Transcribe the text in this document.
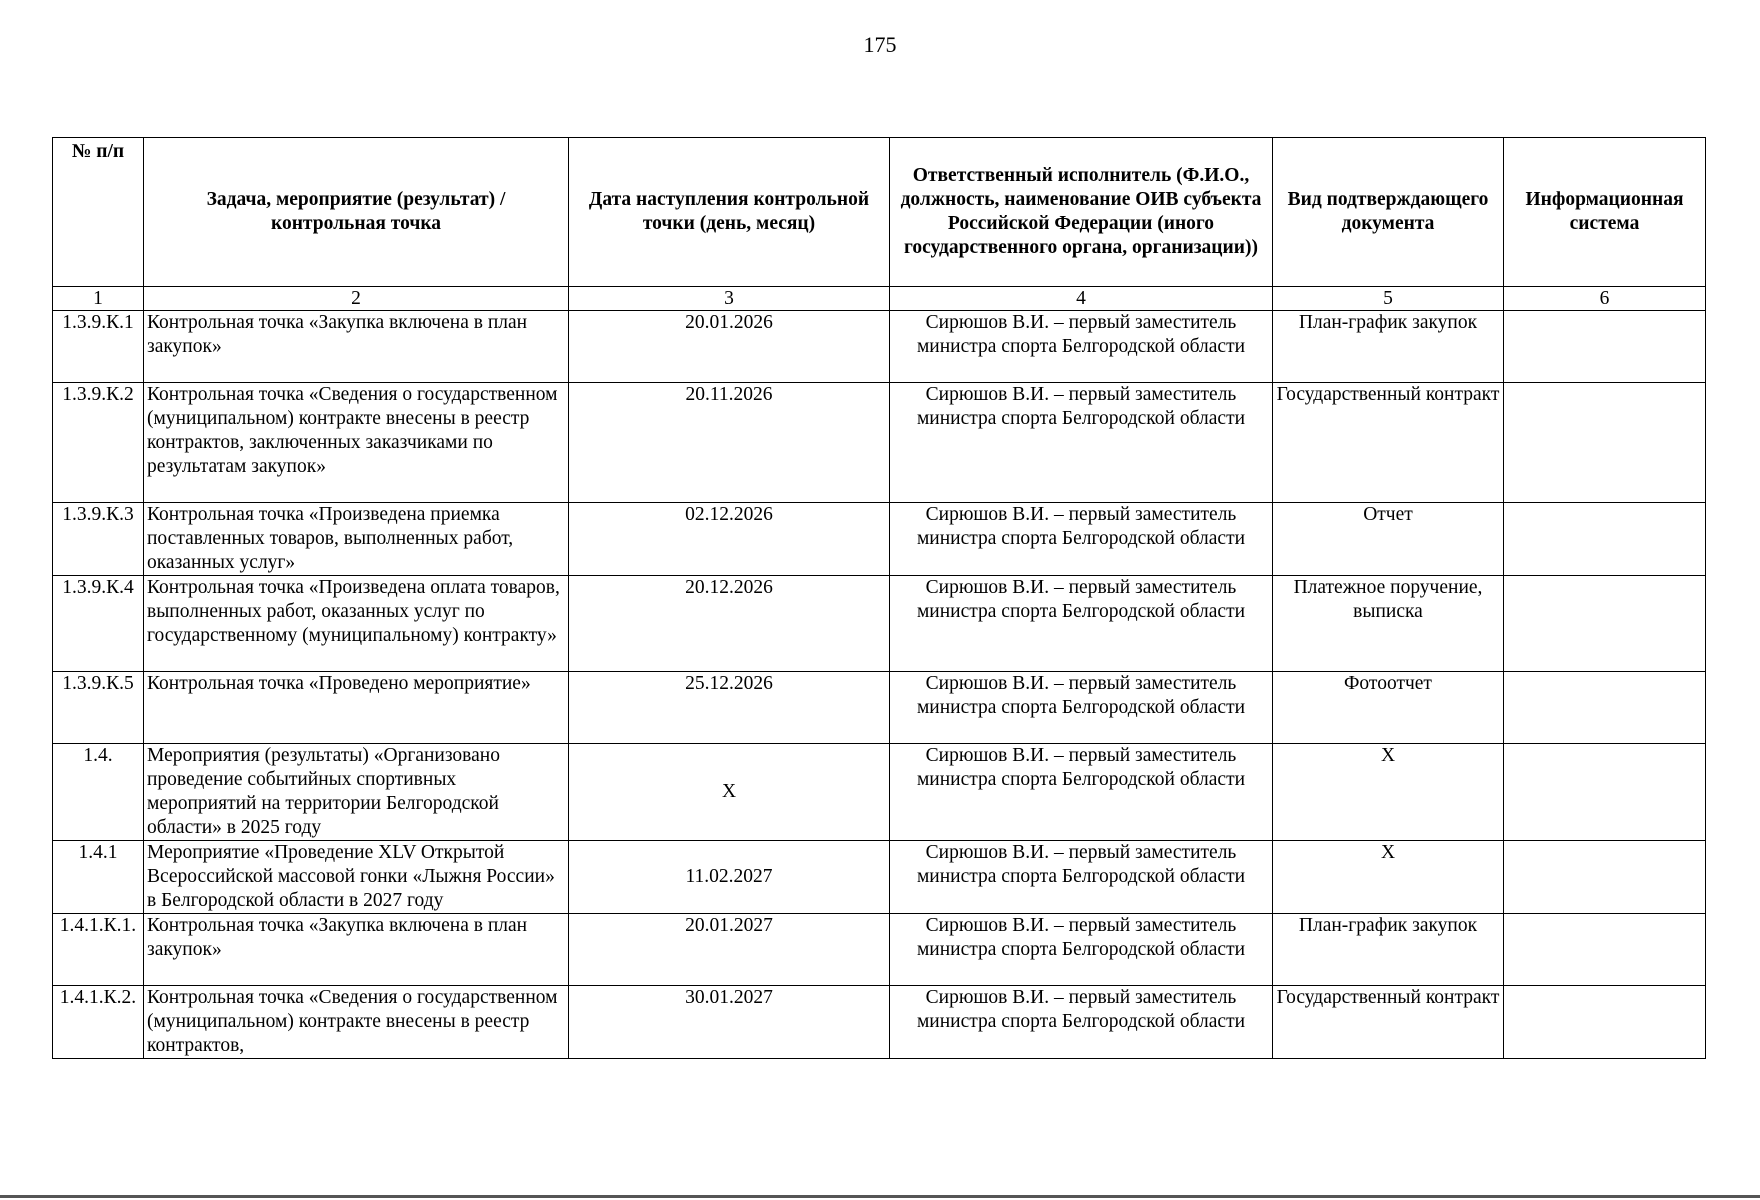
175
№ п/п	Задача, мероприятие (результат) / контрольная точка	Дата наступления контрольной точки (день, месяц)	Ответственный исполнитель (Ф.И.О., должность, наименование ОИВ субъекта Российской Федерации (иного государственного органа, организации))	Вид подтверждающего документа	Информационная система
1	2	3	4	5	6
1.3.9.К.1	Контрольная точка «Закупка включена в план закупок»	20.01.2026	Сирюшов В.И. – первый заместитель министра спорта Белгородской области	План-график закупок	
1.3.9.К.2	Контрольная точка «Сведения о государственном (муниципальном) контракте внесены в реестр контрактов, заключенных заказчиками по результатам закупок»	20.11.2026	Сирюшов В.И. – первый заместитель министра спорта Белгородской области	Государственный контракт	
1.3.9.К.3	Контрольная точка «Произведена приемка поставленных товаров, выполненных работ, оказанных услуг»	02.12.2026	Сирюшов В.И. – первый заместитель министра спорта Белгородской области	Отчет	
1.3.9.К.4	Контрольная точка «Произведена оплата товаров, выполненных работ, оказанных услуг по государственному (муниципальному) контракту»	20.12.2026	Сирюшов В.И. – первый заместитель министра спорта Белгородской области	Платежное поручение, выписка	
1.3.9.К.5	Контрольная точка «Проведено мероприятие»	25.12.2026	Сирюшов В.И. – первый заместитель министра спорта Белгородской области	Фотоотчет	
1.4.	Мероприятия (результаты) «Организовано проведение событийных спортивных мероприятий на территории Белгородской области» в 2025 году	Х	Сирюшов В.И. – первый заместитель министра спорта Белгородской области	Х	
1.4.1	Мероприятие «Проведение XLV Открытой Всероссийской массовой гонки «Лыжня России» в Белгородской области в 2027 году	11.02.2027	Сирюшов В.И. – первый заместитель министра спорта Белгородской области	Х	
1.4.1.К.1.	Контрольная точка «Закупка включена в план закупок»	20.01.2027	Сирюшов В.И. – первый заместитель министра спорта Белгородской области	План-график закупок	
1.4.1.К.2.	Контрольная точка «Сведения о государственном (муниципальном) контракте внесены в реестр контрактов,	30.01.2027	Сирюшов В.И. – первый заместитель министра спорта Белгородской области	Государственный контракт	
